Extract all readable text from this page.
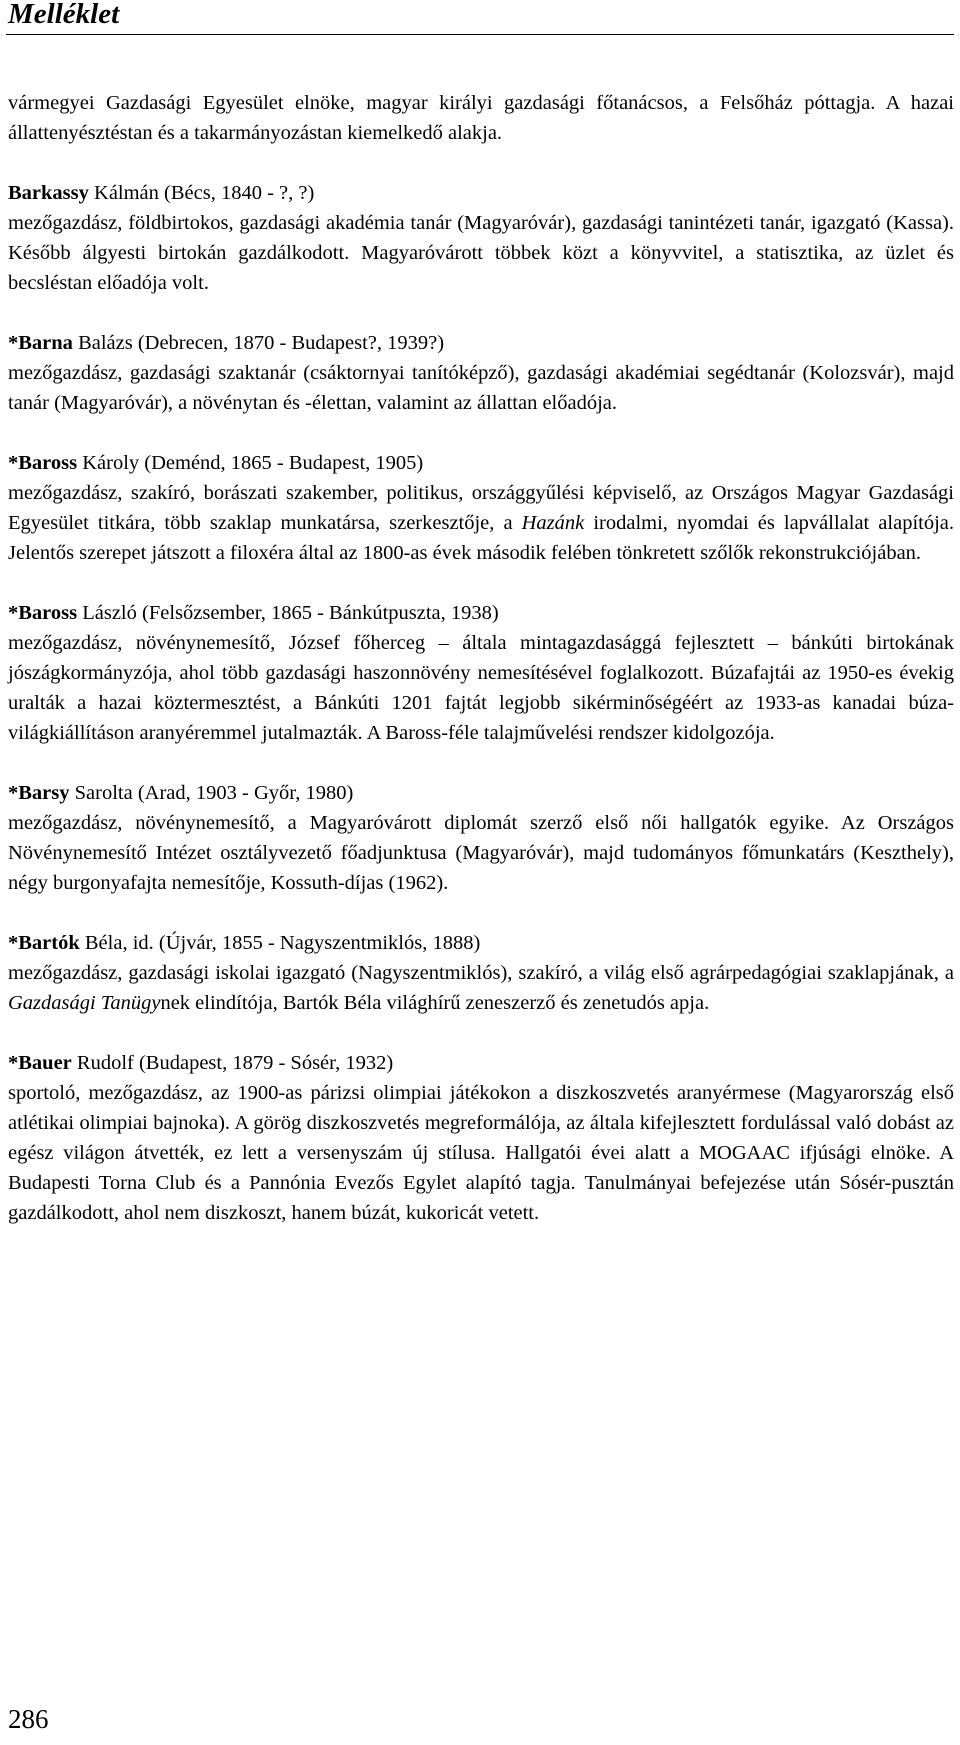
Melléklet

vármegyei Gazdasági Egyesület elnöke, magyar királyi gazdasági főtanácsos, a Felsőház póttagja. A hazai állattenyésztéstan és a takarmányozástan kiemelkedő alakja.

Barkassy Kálmán (Bécs, 1840 - ?, ?)

mezőgazdász, földbirtokos, gazdasági akadémia tanár (Magyaróvár), gazdasági tanintézeti tanár, igazgató (Kassa). Később álgyesti birtokán gazdálkodott. Magyaróvárott többek közt a könyvvitel, a statisztika, az üzlet és becsléstan előadója volt.

*Barna Balázs (Debrecen, 1870 - Budapest?, 1939?)

mezőgazdász, gazdasági szaktanár (csáktornyai tanítóképző), gazdasági akadémiai segédtanár (Kolozsvár), majd tanár (Magyaróvár), a növénytan és -élettan, valamint az állattan előadója.

*Baross Károly (Deménd, 1865 - Budapest, 1905)

mezőgazdász, szakíró, borászati szakember, politikus, országgyűlési képviselő, az Országos Magyar Gazdasági Egyesület titkára, több szaklap munkatársa, szerkesztője, a Hazánk irodalmi, nyomdai és lapvállalat alapítója. Jelentős szerepet játszott a filoxéra által az 1800-as évek második felében tönkretett szőlők rekonstrukciójában.

*Baross László (Felsőzsember, 1865 - Bánkútpuszta, 1938)

mezőgazdász, növénynemesítő, József főherceg – általa mintagazdasággá fejlesztett – bánkúti birtokának jószágkormányzója, ahol több gazdasági haszonnövény nemesítésével foglalkozott. Búzafajtái az 1950-es évekig uralták a hazai köztermesztést, a Bánkúti 1201 fajtát legjobb sikérminőségéért az 1933-as kanadai búza-világkiállításon aranyéremmel jutalmazták. A Baross-féle talajművelési rendszer kidolgozója.

*Barsy Sarolta (Arad, 1903 - Győr, 1980)

mezőgazdász, növénynemesítő, a Magyaróvárott diplomát szerző első női hallgatók egyike. Az Országos Növénynemesítő Intézet osztályvezető főadjunktusa (Magyaróvár), majd tudományos főmunkatárs (Keszthely), négy burgonyafajta nemesítője, Kossuth-díjas (1962).

*Bartók Béla, id. (Újvár, 1855 - Nagyszentmiklós, 1888)

mezőgazdász, gazdasági iskolai igazgató (Nagyszentmiklós), szakíró, a világ első agrárpedagógiai szaklapjának, a Gazdasági Tanügynek elindítója, Bartók Béla világhírű zeneszerző és zenetudós apja.

*Bauer Rudolf (Budapest, 1879 - Sósér, 1932)

sportoló, mezőgazdász, az 1900-as párizsi olimpiai játékokon a diszkoszvetés aranyérmese (Magyarország első atlétikai olimpiai bajnoka). A görög diszkoszvetés megreformálója, az általa kifejlesztett fordulással való dobást az egész világon átvették, ez lett a versenyszám új stílusa. Hallgatói évei alatt a MOGAAC ifjúsági elnöke. A Budapesti Torna Club és a Pannónia Evezős Egylet alapító tagja. Tanulmányai befejezése után Sósér-pusztán gazdálkodott, ahol nem diszkoszt, hanem búzát, kukoricát vetett.

286
